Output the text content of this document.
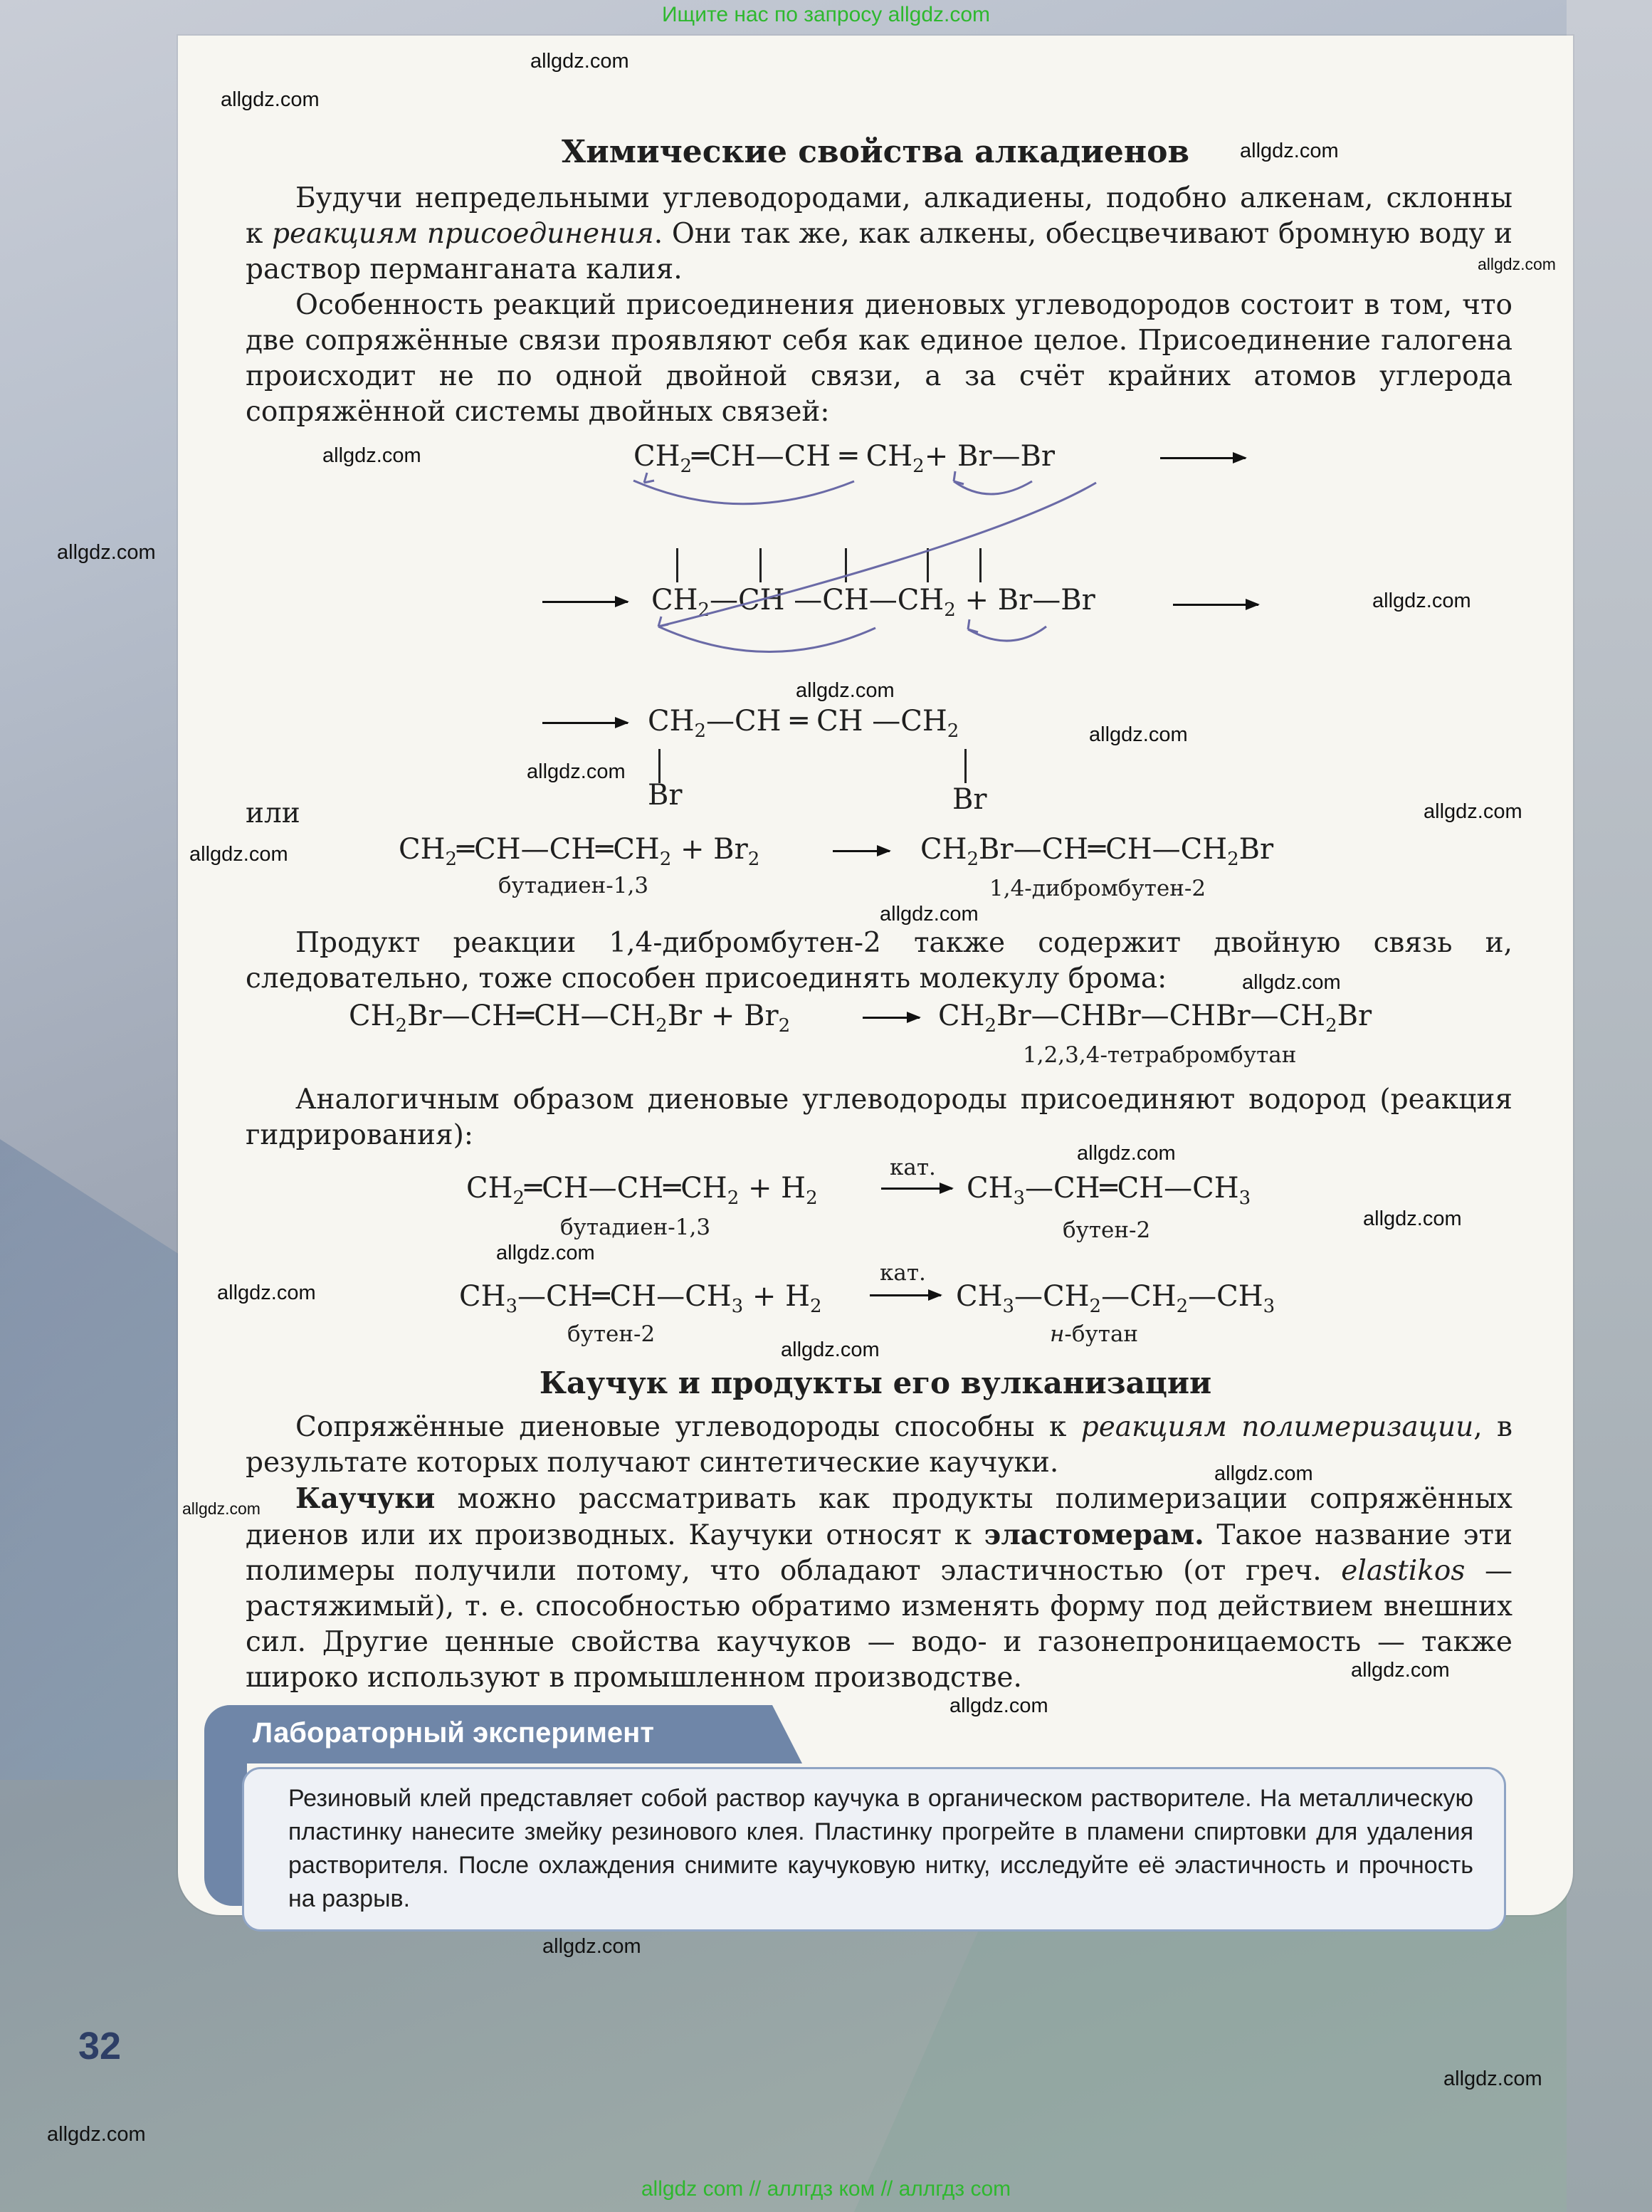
Ищите нас по запросу allgdz.com
allgdz.com
allgdz.com
allgdz.com
allgdz.com
allgdz.com
allgdz.com
allgdz.com
allgdz.com
allgdz.com
allgdz.com
allgdz.com
allgdz.com
allgdz.com
allgdz.com
allgdz.com
allgdz.com
allgdz.com
allgdz.com
allgdz.com
allgdz.com
allgdz.com
allgdz.com
allgdz.com
allgdz.com
allgdz.com
allgdz.com
Химические свойства алкадиенов
Будучи непредельными углеводородами, алкадиены, подобно алкенам, склонны к реакциям присоединения. Они так же, как алкены, обесцвечивают бромную воду и раствор перманганата калия.
Особенность реакций присоединения диеновых углеводородов состоит в том, что две сопряжённые связи проявляют себя как единое целое. Присоединение галогена происходит не по одной двойной связи, а за счёт крайних атомов углерода сопряжённой системы двойных связей:
$CH_2═CH—CH$ ═ $CH_2+$ Br—Br
$CH_2—CH$ $—CH—CH_2$ + Br—Br
$CH_2—CH$ ═ CH $—CH_2$
Br	Br
или
$CH_2═CH—CH═CH_2 + Br_2$	$CH_2Br—CH═CH—CH_2Br$
бутадиен-1,3	1,4-дибромбутен-2
Продукт реакции 1,4-дибромбутен-2 также содержит двойную связь и, следовательно, тоже способен присоединять молекулу брома:
$CH_2Br—CH═CH—CH_2Br + Br_2$	$CH_2Br—CHBr—CHBr—CH_2Br$
1,2,3,4-тетрабромбутан
Аналогичным образом диеновые углеводороды присоединяют водород (реакция гидрирования):
$CH_2═CH—CH═CH_2 + H_2$
кат.
$CH_3—CH═CH—CH_3$
бутадиен-1,3	бутен-2
$CH_3—CH═CH—CH_3 + H_2$
кат.
$CH_3—CH_2—CH_2—CH_3$
бутен-2	н-бутан
Каучук и продукты его вулканизации
Сопряжённые диеновые углеводороды способны к реакциям полимеризации, в результате которых получают синтетические каучуки.
Каучуки можно рассматривать как продукты полимеризации сопряжённых диенов или их производных. Каучуки относят к эластомерам. Такое название эти полимеры получили потому, что обладают эластичностью (от греч. elastikos — растяжимый), т. е. способностью обратимо изменять форму под действием внешних сил. Другие ценные свойства каучуков — водо- и газонепроницаемость — также широко используют в промышленном производстве.
Лабораторный эксперимент
Резиновый клей представляет собой раствор каучука в органическом растворителе. На металлическую пластинку нанесите змейку резинового клея. Пластинку прогрейте в пламени спиртовки для удаления растворителя. После охлаждения снимите каучуковую нитку, исследуйте её эластичность и прочность на разрыв.
32
allgdz com // аллгдз ком // аллгдз com
